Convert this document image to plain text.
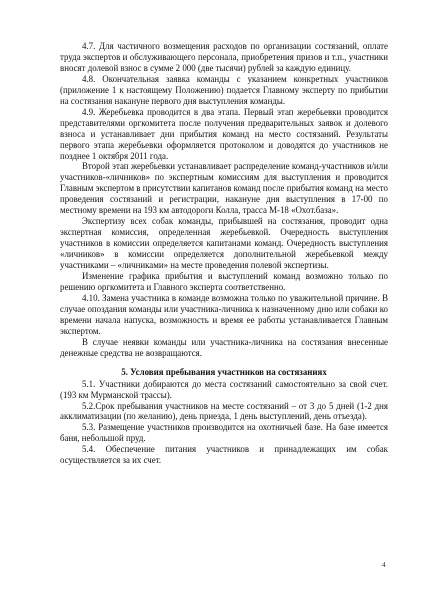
4.7. Для частичного возмещения расходов по организации состязаний, оплате труда экспертов и обслуживающего персонала, приобретения призов и т.п., участники вносят долевой взнос в сумме 2 000 (две тысячи) рублей за каждую единицу.

4.8. Окончательная заявка команды с указанием конкретных участников (приложение 1 к настоящему Положению) подается Главному эксперту по прибытии на состязания накануне первого дня выступления команды.

4.9. Жеребьевка проводится в два этапа. Первый этап жеребьевки проводится представителями оргкомитета после получения предварительных заявок и долевого взноса и устанавливает дни прибытия команд на место состязаний. Результаты первого этапа жеребьевки оформляется протоколом и доводятся до участников не позднее 1 октября 2011 года.

Второй этап жеребьевки устанавливает распределение команд-участников и/или участников-«личников» по экспертным комиссиям для выступления и проводится Главным экспертом в присутствии капитанов команд после прибытия команд на место проведения состязаний и регистрации, накануне дня выступления в 17-00 по местному времени на 193 км автодороги Колла, трасса М-18 «Охот.база».

Экспертизу всех собак команды, прибывшей на состязания, проводит одна экспертная комиссия, определенная жеребьевкой. Очередность выступления участников в комиссии определяется капитанами команд. Очередность выступления «личников» в комиссии определяется дополнительной жеребьевкой между участниками – «личниками» на месте проведения полевой экспертизы.

Изменение графика прибытия и выступлений команд возможно только по решению оргкомитета и Главного эксперта соответственно.

4.10. Замена участника в команде возможна только по уважительной причине. В случае опоздания команды или участника-личника к назначенному дню или собаки ко времени начала напуска, возможность и время ее работы устанавливается Главным экспертом.

В случае неявки команды или участника-личника на состязания внесенные денежные средства не возвращаются.

5. Условия пребывания участников на состязаниях

5.1. Участники добираются до места состязаний самостоятельно за свой счет. (193 км Мурманской трассы).

5.2.Срок пребывания участников на месте состязаний – от 3 до 5 дней (1-2 дня акклиматизации (по желанию), день приезда, 1 день выступлений, день отъезда).

5.3. Размещение участников производится на охотничьей базе. На базе имеется баня, небольшой пруд.

5.4. Обеспечение питания участников и принадлежащих им собак осуществляется за их счет.

4
